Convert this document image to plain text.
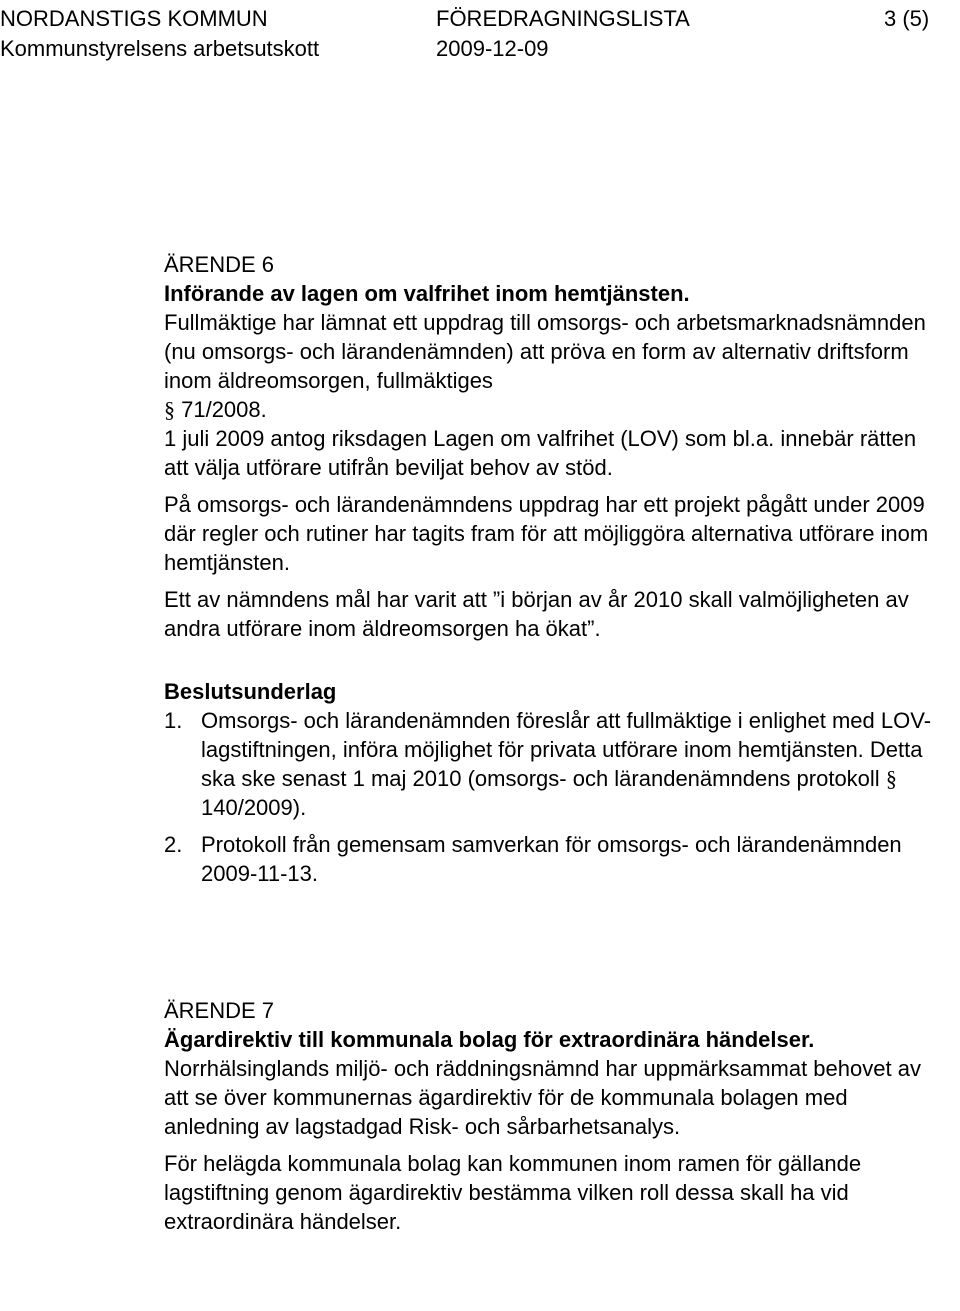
NORDANSTIGS KOMMUN	FÖREDRAGNINGSLISTA	3 (5)
Kommunstyrelsens arbetsutskott	2009-12-09

ÄRENDE 6

Införande av lagen om valfrihet inom hemtjänsten.

Fullmäktige har lämnat ett uppdrag till omsorgs- och arbetsmarknadsnämnden (nu omsorgs- och lärandenämnden) att pröva en form av alternativ driftsform inom äldreomsorgen, fullmäktiges
§ 71/2008.

1 juli 2009 antog riksdagen Lagen om valfrihet (LOV) som bl.a. innebär rätten att välja utförare utifrån beviljat behov av stöd.

På omsorgs- och lärandenämndens uppdrag har ett projekt pågått under 2009 där regler och rutiner har tagits fram för att möjliggöra alternativa utförare inom hemtjänsten.

Ett av nämndens mål har varit att ”i början av år 2010 skall valmöjligheten av andra utförare inom äldreomsorgen ha ökat”.

Beslutsunderlag

1. Omsorgs- och lärandenämnden föreslår att fullmäktige i enlighet med LOV-lagstiftningen, införa möjlighet för privata utförare inom hemtjänsten. Detta ska ske senast 1 maj 2010 (omsorgs- och lärandenämndens protokoll § 140/2009).
2. Protokoll från gemensam samverkan för omsorgs- och lärandenämnden 2009-11-13.

ÄRENDE 7

Ägardirektiv till kommunala bolag för extraordinära händelser.

Norrhälsinglands miljö- och räddningsnämnd har uppmärksammat behovet av att se över kommunernas ägardirektiv för de kommunala bolagen med anledning av lagstadgad Risk- och sårbarhetsanalys.

För helägda kommunala bolag kan kommunen inom ramen för gällande lagstiftning genom ägardirektiv bestämma vilken roll dessa skall ha vid extraordinära händelser.
